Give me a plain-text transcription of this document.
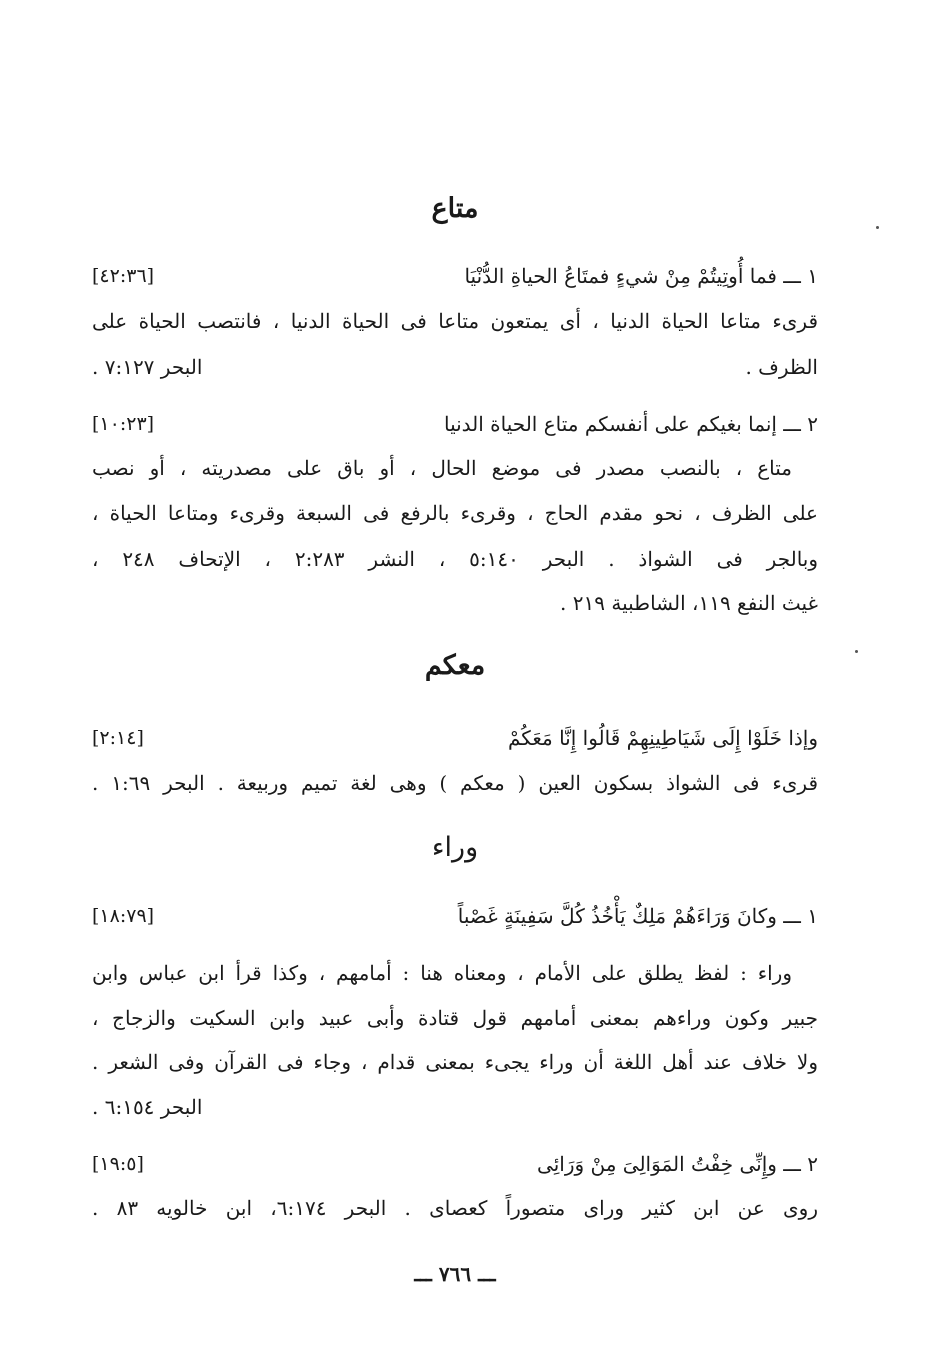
متاع
١ ـــ فما أُوتِيتُمْ مِنْ شيءٍ فمتَاعُ الحياةِ الدُّنْيَا
[٤٢:٣٦]
قرىء متاعا الحياة الدنيا ، أى يمتعون متاعا فى الحياة الدنيا ، فانتصب الحياة على
الظرف .
البحر ٧:١٢٧ .
٢ ـــ إنما بغيكم على أنفسكم متاع الحياة الدنيا
[١٠:٢٣]
متاع ، بالنصب مصدر فى موضع الحال ، أو باق على مصدريته ، أو نصب
على الظرف ، نحو مقدم الحاج ، وقرىء بالرفع فى السبعة وقرىء ومتاعا الحياة ،
وبالجر فى الشواذ . البحر ٥:١٤٠ ، النشر ٢:٢٨٣ ، الإتحاف ٢٤٨ ،
غيث النفع ١١٩، الشاطبية ٢١٩ .
معكم
وإذا خَلَوْا إِلَى شَيَاطِينِهِمْ قَالُوا إِنَّا مَعَكُمْ
[٢:١٤]
قرىء فى الشواذ بسكون العين ( معكم ) وهى لغة تميم وربيعة . البحر ١:٦٩ .
وراء
١ ـــ وكانَ وَرَاءَهُمْ مَلِكٌ يَأْخُذُ كُلَّ سَفِينَةٍ غَصْباً
[١٨:٧٩]
وراء : لفظ يطلق على الأمام ، ومعناه هنا : أمامهم ، وكذا قرأ ابن عباس وابن
جبير وكون وراءهم بمعنى أمامهم قول قتادة وأبى عبيد وابن السكيت والزجاج ،
ولا خلاف عند أهل اللغة أن وراء يجىء بمعنى قدام ، وجاء فى القرآن وفى الشعر .
البحر ٦:١٥٤ .
٢ ـــ وإِنِّى خِفْتُ المَوَالِىَ مِنْ وَرَائِى
[١٩:٥]
روى عن ابن كثير وراى متصوراً كعصاى . البحر ٦:١٧٤، ابن خالويه ٨٣ .
ـــ ٧٦٦ ـــ
